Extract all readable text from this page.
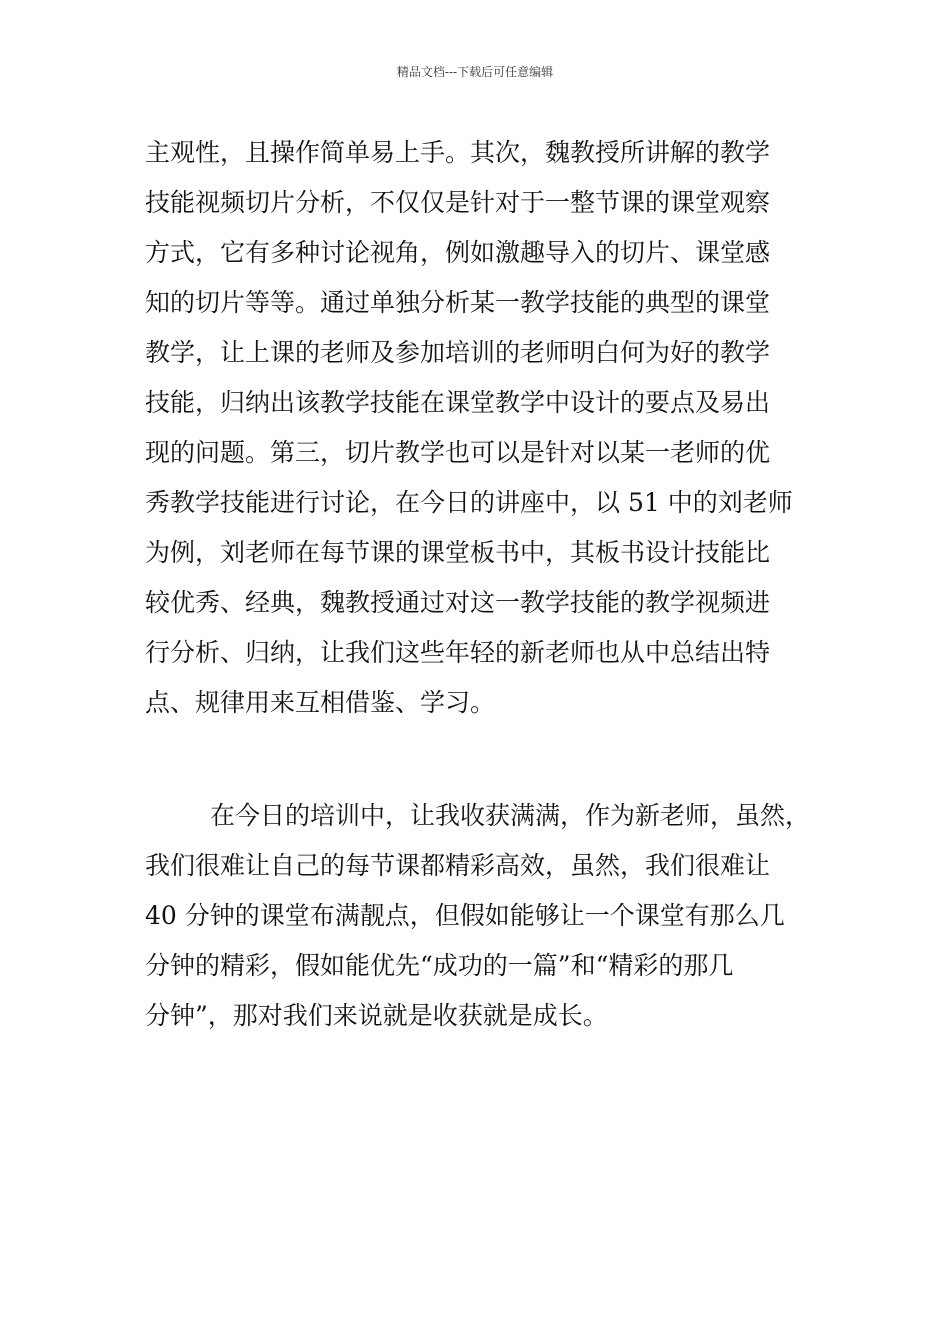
精品文档---下载后可任意编辑
主观性，且操作简单易上手。其次，魏教授所讲解的教学
技能视频切片分析，不仅仅是针对于一整节课的课堂观察
方式，它有多种讨论视角，例如激趣导入的切片、课堂感
知的切片等等。通过单独分析某一教学技能的典型的课堂
教学，让上课的老师及参加培训的老师明白何为好的教学
技能，归纳出该教学技能在课堂教学中设计的要点及易出
现的问题。第三，切片教学也可以是针对以某一老师的优
秀教学技能进行讨论，在今日的讲座中，以 51 中的刘老师
为例，刘老师在每节课的课堂板书中，其板书设计技能比
较优秀、经典，魏教授通过对这一教学技能的教学视频进
行分析、归纳，让我们这些年轻的新老师也从中总结出特
点、规律用来互相借鉴、学习。
在今日的培训中，让我收获满满，作为新老师，虽然，
我们很难让自己的每节课都精彩高效，虽然，我们很难让
40 分钟的课堂布满靓点，但假如能够让一个课堂有那么几
分钟的精彩，假如能优先“成功的一篇”和“精彩的那几
分钟”，那对我们来说就是收获就是成长。
